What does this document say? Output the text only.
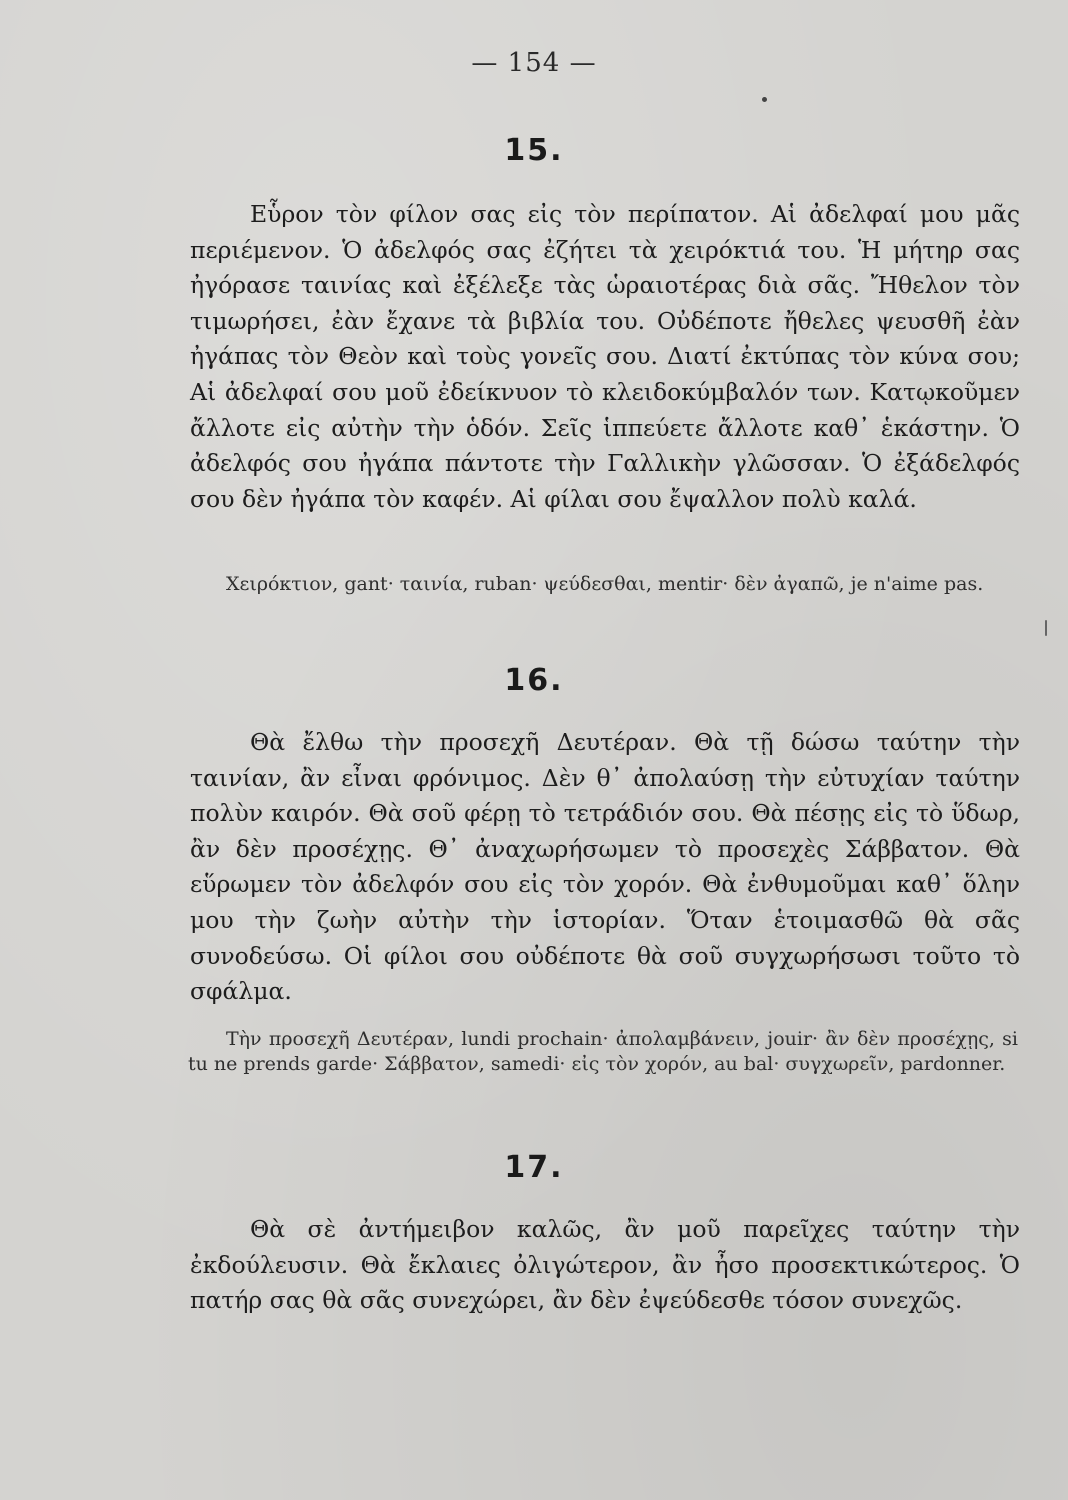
— 154 —
15.

Εὗρον τὸν φίλον σας εἰς τὸν περίπατον. Αἱ ἀδελφαί μου μᾶς περιέμενον. Ὁ ἀδελφός σας ἐζήτει τὰ χειρόκτιά του. Ἡ μήτηρ σας ἠγόρασε ταινίας καὶ ἐξέλεξε τὰς ὡραιοτέρας διὰ σᾶς. Ἤθελον τὸν τιμωρήσει, ἐὰν ἔχανε τὰ βιβλία του. Οὐδέποτε ἤθελες ψευσθῆ ἐὰν ἠγάπας τὸν Θεὸν καὶ τοὺς γονεῖς σου. Διατί ἐκτύπας τὸν κύνα σου; Αἱ ἀδελφαί σου μοῦ ἐδείκνυον τὸ κλειδοκύμβαλόν των. Κατῳκοῦμεν ἄλλοτε εἰς αὐτὴν τὴν ὁδόν. Σεῖς ἱππεύετε ἄλλοτε καθ᾽ ἑκάστην. Ὁ ἀδελφός σου ἠγάπα πάντοτε τὴν Γαλλικὴν γλῶσσαν. Ὁ ἐξάδελφός σου δὲν ἠγάπα τὸν καφέν. Αἱ φίλαι σου ἔψαλλον πολὺ καλά.

Χειρόκτιον, gant· ταινία, ruban· ψεύδεσθαι, mentir· δὲν ἀγαπῶ, je n'aime pas.

16.

Θὰ ἔλθω τὴν προσεχῆ Δευτέραν. Θὰ τῇ δώσω ταύτην τὴν ταινίαν, ἂν εἶναι φρόνιμος. Δὲν θ᾽ ἀπολαύσῃ τὴν εὐτυχίαν ταύτην πολὺν καιρόν. Θὰ σοῦ φέρῃ τὸ τετράδιόν σου. Θὰ πέσῃς εἰς τὸ ὕδωρ, ἂν δὲν προσέχῃς. Θ᾽ ἀναχωρήσωμεν τὸ προσεχὲς Σάββατον. Θὰ εὕρωμεν τὸν ἀδελφόν σου εἰς τὸν χορόν. Θὰ ἐνθυμοῦμαι καθ᾽ ὅλην μου τὴν ζωὴν αὐτὴν τὴν ἱστορίαν. Ὅταν ἑτοιμασθῶ θὰ σᾶς συνοδεύσω. Οἱ φίλοι σου οὐδέποτε θὰ σοῦ συγχωρήσωσι τοῦτο τὸ σφάλμα.

Τὴν προσεχῆ Δευτέραν, lundi prochain· ἀπολαμβάνειν, jouir· ἂν δὲν προσέχῃς, si tu ne prends garde· Σάββατον, samedi· εἰς τὸν χορόν, au bal· συγχωρεῖν, pardonner.

17.

Θὰ σὲ ἀντήμειβον καλῶς, ἂν μοῦ παρεῖχες ταύτην τὴν ἐκδούλευσιν. Θὰ ἔκλαιες ὀλιγώτερον, ἂν ἦσο προσεκτικώτερος. Ὁ πατήρ σας θὰ σᾶς συνεχώρει, ἂν δὲν ἐψεύδεσθε τόσον συνεχῶς.
